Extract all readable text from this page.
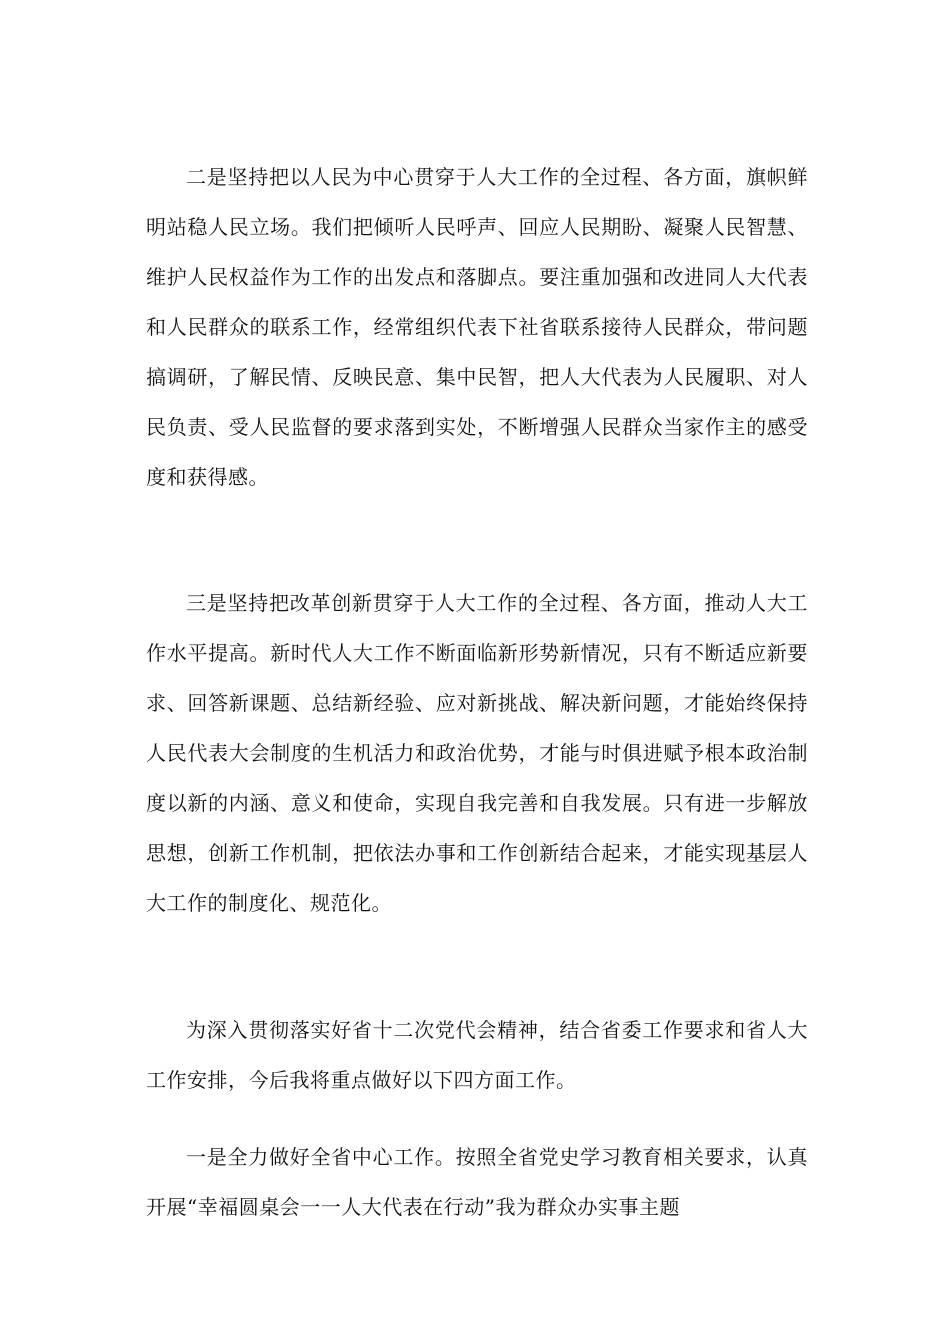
二是坚持把以人民为中心贯穿于人大工作的全过程、各方面，旗帜鲜明站稳人民立场。我们把倾听人民呼声、回应人民期盼、凝聚人民智慧、维护人民权益作为工作的出发点和落脚点。要注重加强和改进同人大代表和人民群众的联系工作，经常组织代表下社省联系接待人民群众，带问题搞调研，了解民情、反映民意、集中民智，把人大代表为人民履职、对人民负责、受人民监督的要求落到实处，不断增强人民群众当家作主的感受度和获得感。

三是坚持把改革创新贯穿于人大工作的全过程、各方面，推动人大工作水平提高。新时代人大工作不断面临新形势新情况，只有不断适应新要求、回答新课题、总结新经验、应对新挑战、解决新问题，才能始终保持人民代表大会制度的生机活力和政治优势，才能与时俱进赋予根本政治制度以新的内涵、意义和使命，实现自我完善和自我发展。只有进一步解放思想，创新工作机制，把依法办事和工作创新结合起来，才能实现基层人大工作的制度化、规范化。

为深入贯彻落实好省十二次党代会精神，结合省委工作要求和省人大工作安排，今后我将重点做好以下四方面工作。

一是全力做好全省中心工作。按照全省党史学习教育相关要求，认真开展“幸福圆桌会一一人大代表在行动”我为群众办实事主题
